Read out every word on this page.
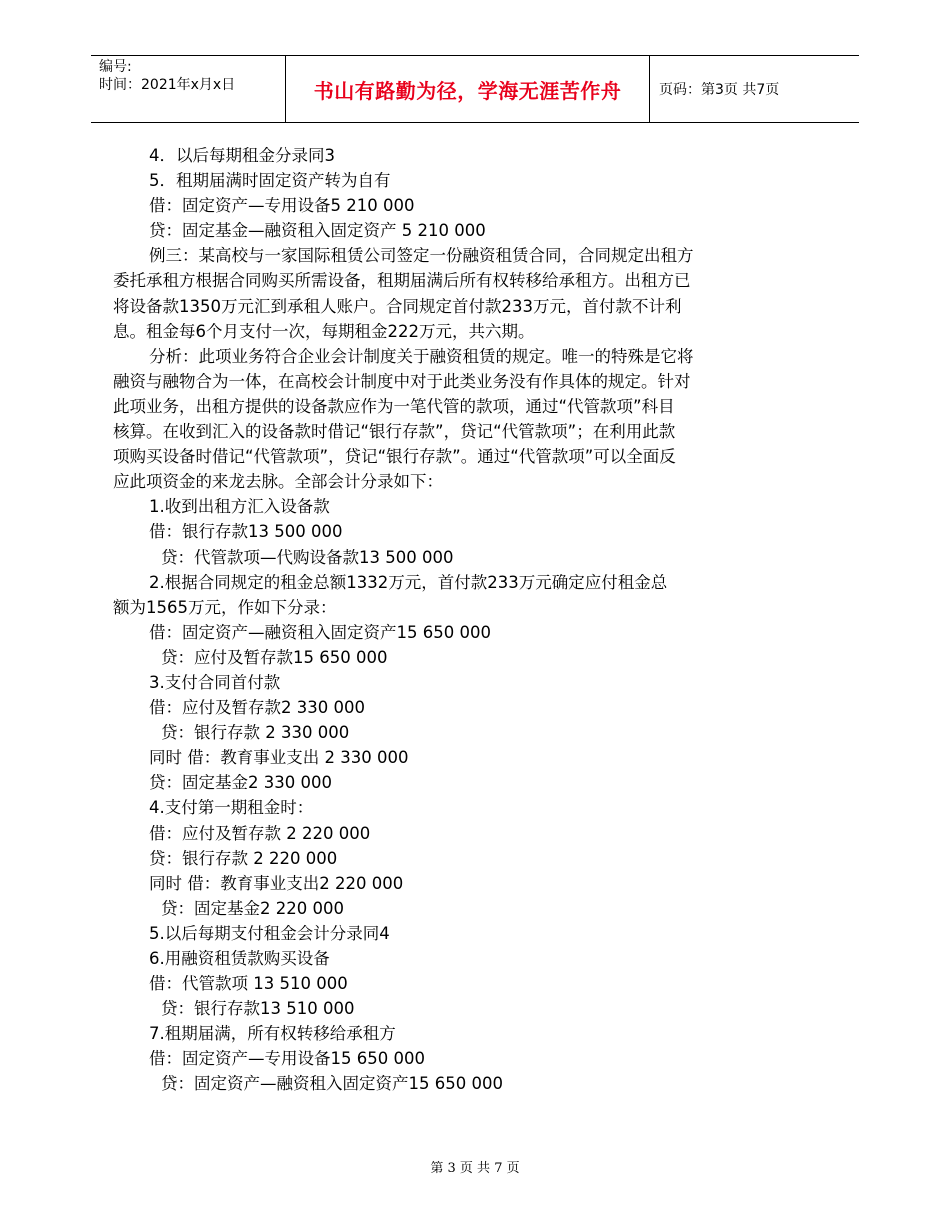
编号:
时间：2021年x月x日	书山有路勤为径，学海无涯苦作舟	页码：第3页 共7页
4．以后每期租金分录同3
5．租期届满时固定资产转为自有
借：固定资产—专用设备5 210 000
贷：固定基金—融资租入固定资产 5 210 000
例三：某高校与一家国际租赁公司签定一份融资租赁合同，合同规定出租方
委托承租方根据合同购买所需设备，租期届满后所有权转移给承租方。出租方已
将设备款1350万元汇到承租人账户。合同规定首付款233万元，首付款不计利
息。租金每6个月支付一次，每期租金222万元，共六期。
分析：此项业务符合企业会计制度关于融资租赁的规定。唯一的特殊是它将
融资与融物合为一体，在高校会计制度中对于此类业务没有作具体的规定。针对
此项业务，出租方提供的设备款应作为一笔代管的款项，通过“代管款项”科目
核算。在收到汇入的设备款时借记“银行存款”，贷记“代管款项”；在利用此款
项购买设备时借记“代管款项”，贷记“银行存款”。通过“代管款项”可以全面反
应此项资金的来龙去脉。全部会计分录如下：
1.收到出租方汇入设备款
借：银行存款13 500 000
贷：代管款项—代购设备款13 500 000
2.根据合同规定的租金总额1332万元，首付款233万元确定应付租金总
额为1565万元，作如下分录：
借：固定资产—融资租入固定资产15 650 000
贷：应付及暂存款15 650 000
3.支付合同首付款
借：应付及暂存款2 330 000
贷：银行存款 2 330 000
同时 借：教育事业支出 2 330 000
贷：固定基金2 330 000
4.支付第一期租金时：
借：应付及暂存款 2 220 000
贷：银行存款 2 220 000
同时 借：教育事业支出2 220 000
贷：固定基金2 220 000
5.以后每期支付租金会计分录同4
6.用融资租赁款购买设备
借：代管款项 13 510 000
贷：银行存款13 510 000
7.租期届满，所有权转移给承租方
借：固定资产—专用设备15 650 000
贷：固定资产—融资租入固定资产15 650 000
第 3 页 共 7 页
